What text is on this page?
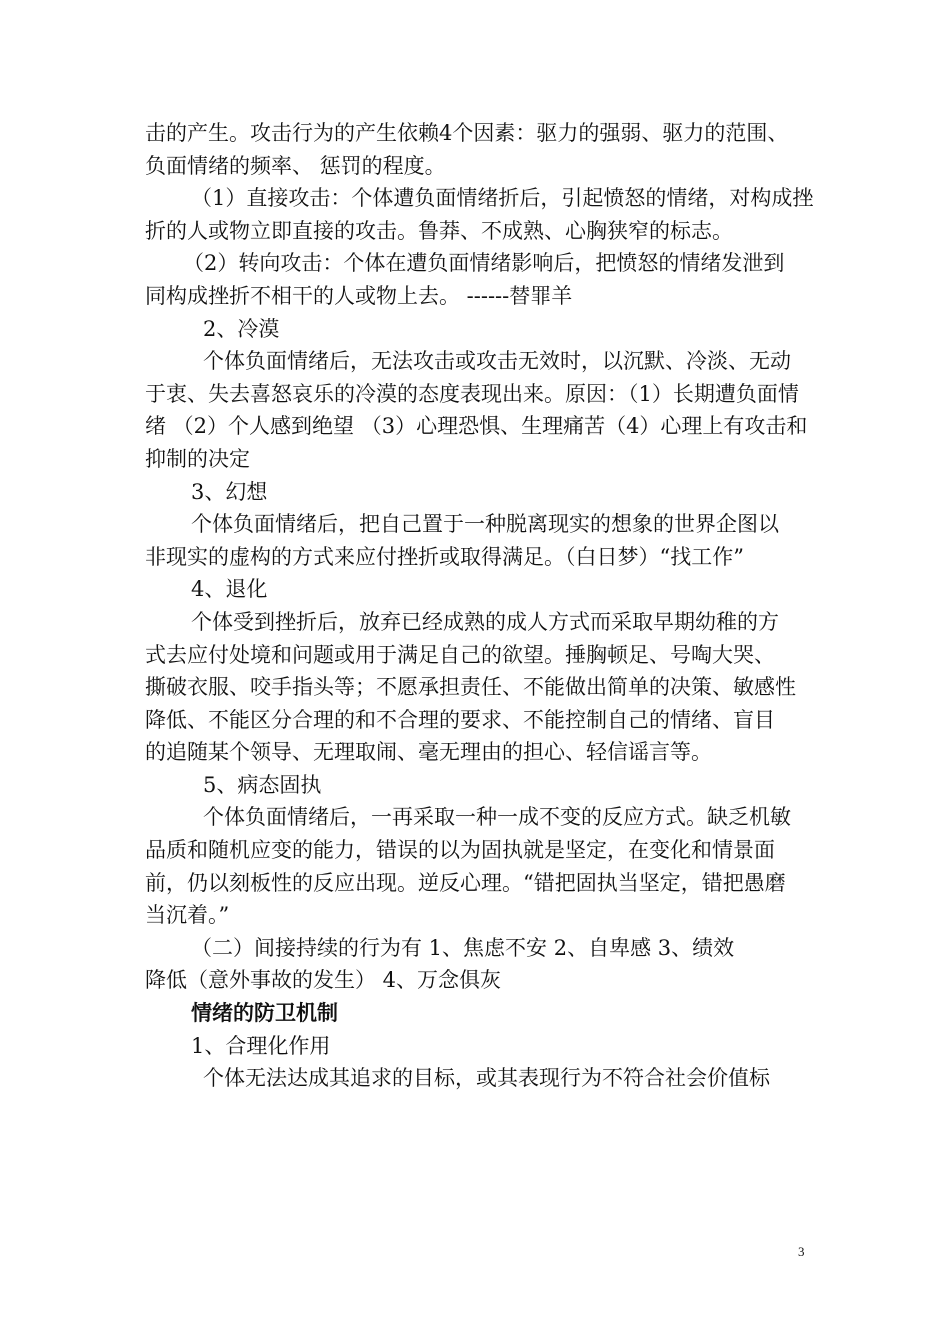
击的产生。攻击行为的产生依赖4个因素：驱力的强弱、驱力的范围、
负面情绪的频率、 惩罚的程度。
（1）直接攻击：个体遭负面情绪折后，引起愤怒的情绪，对构成挫
折的人或物立即直接的攻击。鲁莽、不成熟、心胸狭窄的标志。
（2）转向攻击：个体在遭负面情绪影响后，把愤怒的情绪发泄到
同构成挫折不相干的人或物上去。 ------替罪羊
2、冷漠
个体负面情绪后，无法攻击或攻击无效时，以沉默、冷淡、无动
于衷、失去喜怒哀乐的冷漠的态度表现出来。原因：（1）长期遭负面情
绪 （2）个人感到绝望 （3）心理恐惧、生理痛苦（4）心理上有攻击和
抑制的决定
3、幻想
个体负面情绪后，把自己置于一种脱离现实的想象的世界企图以
非现实的虚构的方式来应付挫折或取得满足。（白日梦）“找工作”
4、退化
个体受到挫折后，放弃已经成熟的成人方式而采取早期幼稚的方
式去应付处境和问题或用于满足自己的欲望。捶胸顿足、号啕大哭、
撕破衣服、咬手指头等；不愿承担责任、不能做出简单的决策、敏感性
降低、不能区分合理的和不合理的要求、不能控制自己的情绪、盲目
的追随某个领导、无理取闹、毫无理由的担心、轻信谣言等。
5、病态固执
个体负面情绪后，一再采取一种一成不变的反应方式。缺乏机敏
品质和随机应变的能力，错误的以为固执就是坚定，在变化和情景面
前，仍以刻板性的反应出现。逆反心理。“错把固执当坚定，错把愚磨
当沉着。”
（二）间接持续的行为有 1、焦虑不安 2、自卑感 3、绩效
降低（意外事故的发生） 4、万念俱灰
情绪的防卫机制
1、合理化作用
个体无法达成其追求的目标，或其表现行为不符合社会价值标
3
